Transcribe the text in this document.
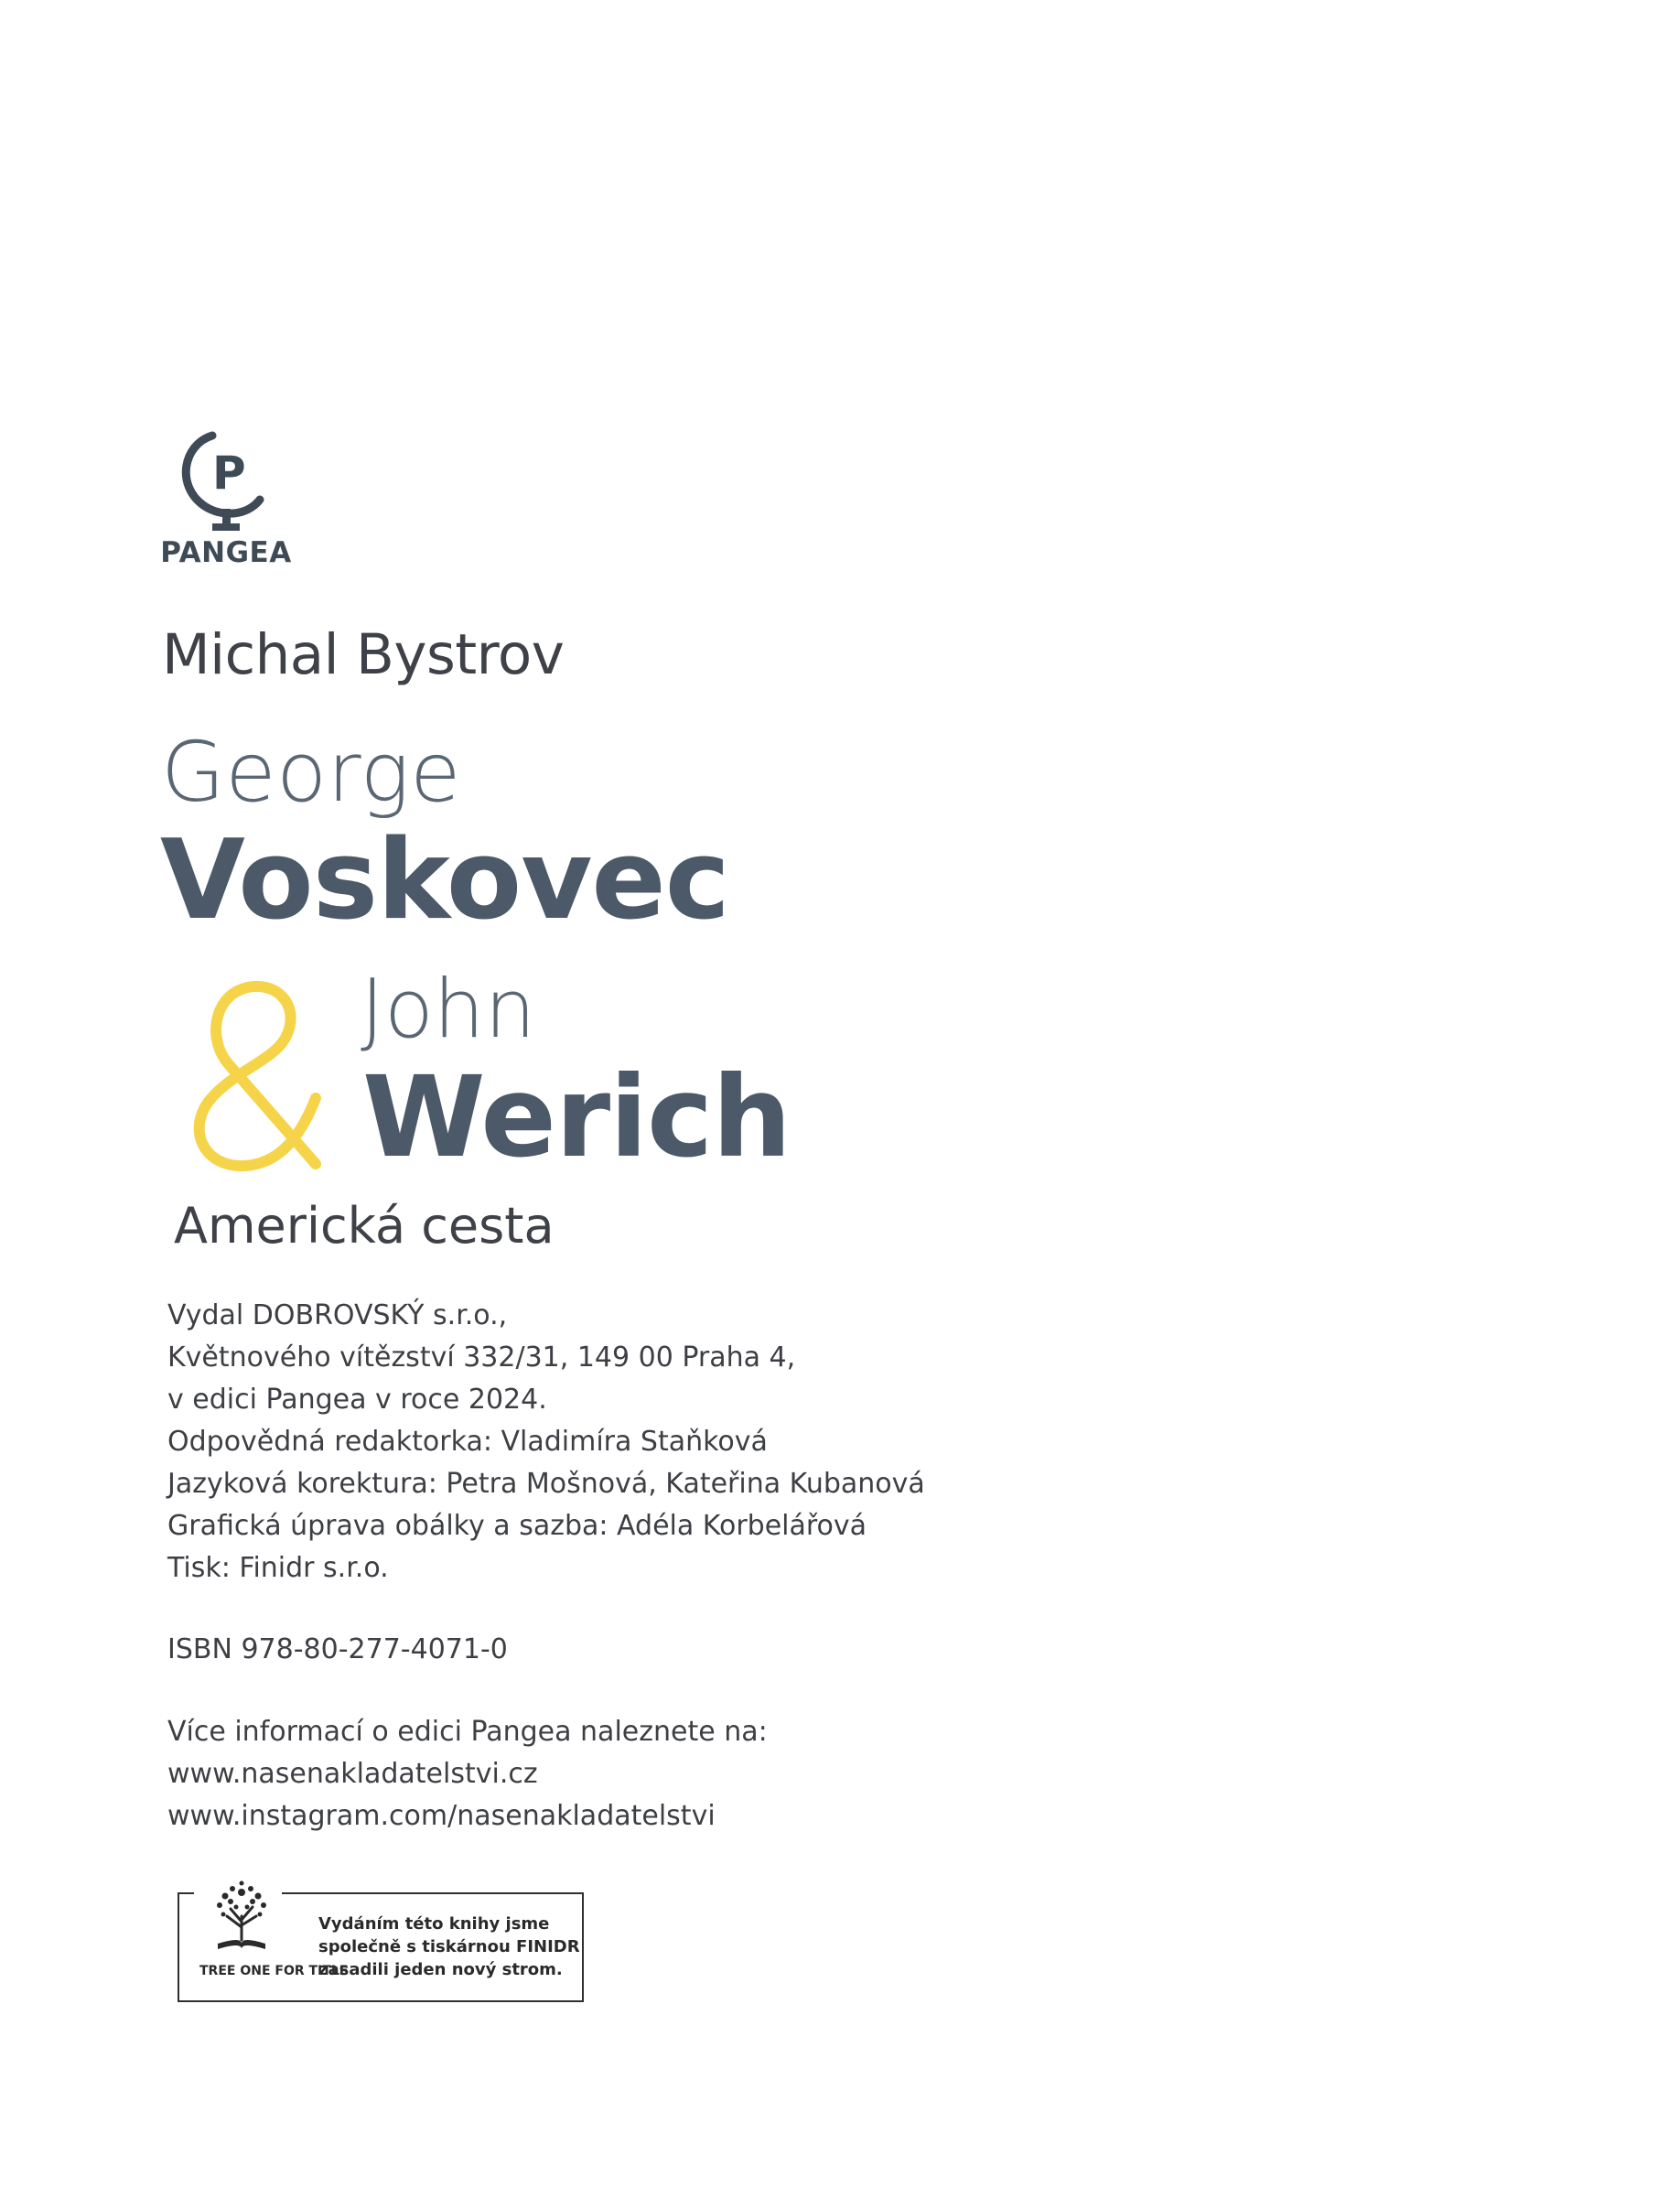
P
PANGEA
Michal Bystrov
George
Voskovec
John
Werich
Americká cesta
Vydal DOBROVSKÝ s.r.o.,
Květnového vítězství 332/31, 149 00 Praha 4,
v edici Pangea v roce 2024.
Odpovědná redaktorka: Vladimíra Staňková
Jazyková korektura: Petra Mošnová, Kateřina Kubanová
Grafická úprava obálky a sazba: Adéla Korbelářová
Tisk: Finidr s.r.o.
ISBN 978-80-277-4071-0
Více informací o edici Pangea naleznete na:
www.nasenakladatelstvi.cz
www.instagram.com/nasenakladatelstvi
TREE ONE FOR TITLE
Vydáním této knihy jsme
společně s tiskárnou FINIDR
zasadili jeden nový strom.
